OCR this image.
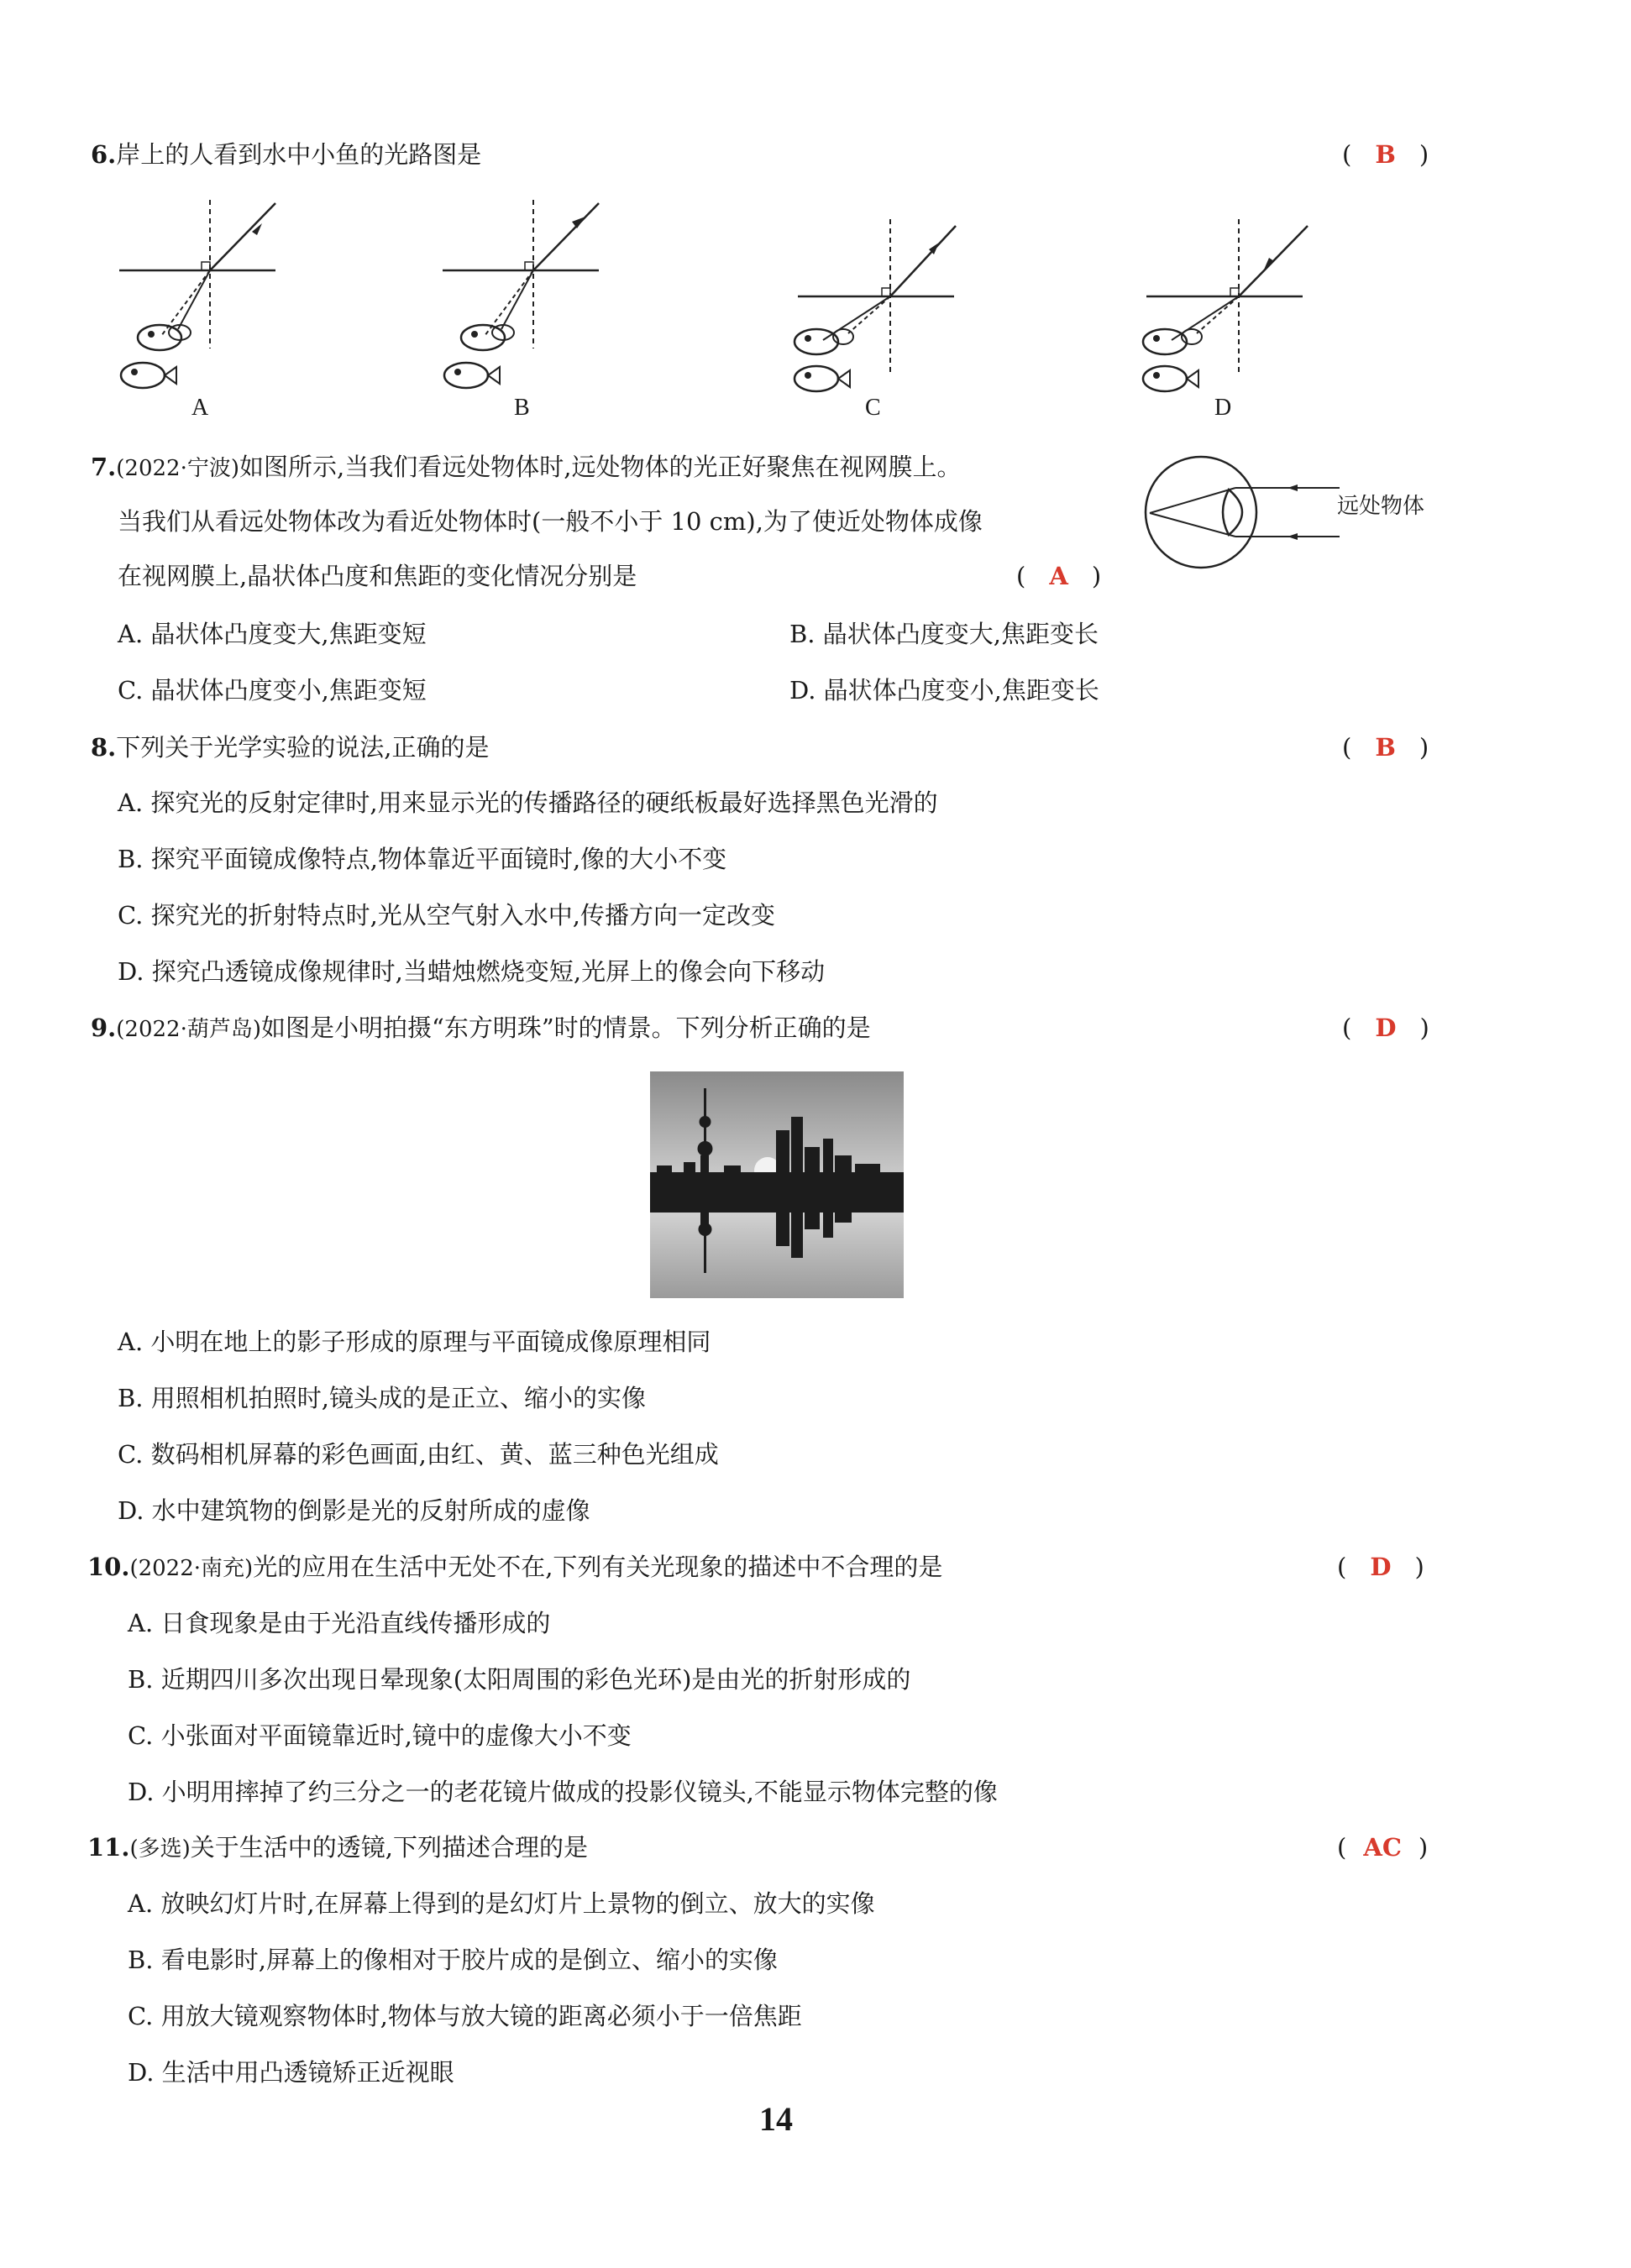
6.岸上的人看到水中小鱼的光路图是	( B )
A	B	C	D
7.(2022·宁波)如图所示,当我们看远处物体时,远处物体的光正好聚焦在视网膜上。
当我们从看远处物体改为看近处物体时(一般不小于 10 cm),为了使近处物体成像
在视网膜上,晶状体凸度和焦距的变化情况分别是	( A )
远处物体
A. 晶状体凸度变大,焦距变短	B. 晶状体凸度变大,焦距变长
C. 晶状体凸度变小,焦距变短	D. 晶状体凸度变小,焦距变长
8.下列关于光学实验的说法,正确的是	( B )
A. 探究光的反射定律时,用来显示光的传播路径的硬纸板最好选择黑色光滑的
B. 探究平面镜成像特点,物体靠近平面镜时,像的大小不变
C. 探究光的折射特点时,光从空气射入水中,传播方向一定改变
D. 探究凸透镜成像规律时,当蜡烛燃烧变短,光屏上的像会向下移动
9.(2022·葫芦岛)如图是小明拍摄“东方明珠”时的情景。下列分析正确的是	( D )
A. 小明在地上的影子形成的原理与平面镜成像原理相同
B. 用照相机拍照时,镜头成的是正立、缩小的实像
C. 数码相机屏幕的彩色画面,由红、黄、蓝三种色光组成
D. 水中建筑物的倒影是光的反射所成的虚像
10.(2022·南充)光的应用在生活中无处不在,下列有关光现象的描述中不合理的是	( D )
A. 日食现象是由于光沿直线传播形成的
B. 近期四川多次出现日晕现象(太阳周围的彩色光环)是由光的折射形成的
C. 小张面对平面镜靠近时,镜中的虚像大小不变
D. 小明用摔掉了约三分之一的老花镜片做成的投影仪镜头,不能显示物体完整的像
11.(多选)关于生活中的透镜,下列描述合理的是	( AC )
A. 放映幻灯片时,在屏幕上得到的是幻灯片上景物的倒立、放大的实像
B. 看电影时,屏幕上的像相对于胶片成的是倒立、缩小的实像
C. 用放大镜观察物体时,物体与放大镜的距离必须小于一倍焦距
D. 生活中用凸透镜矫正近视眼
14
